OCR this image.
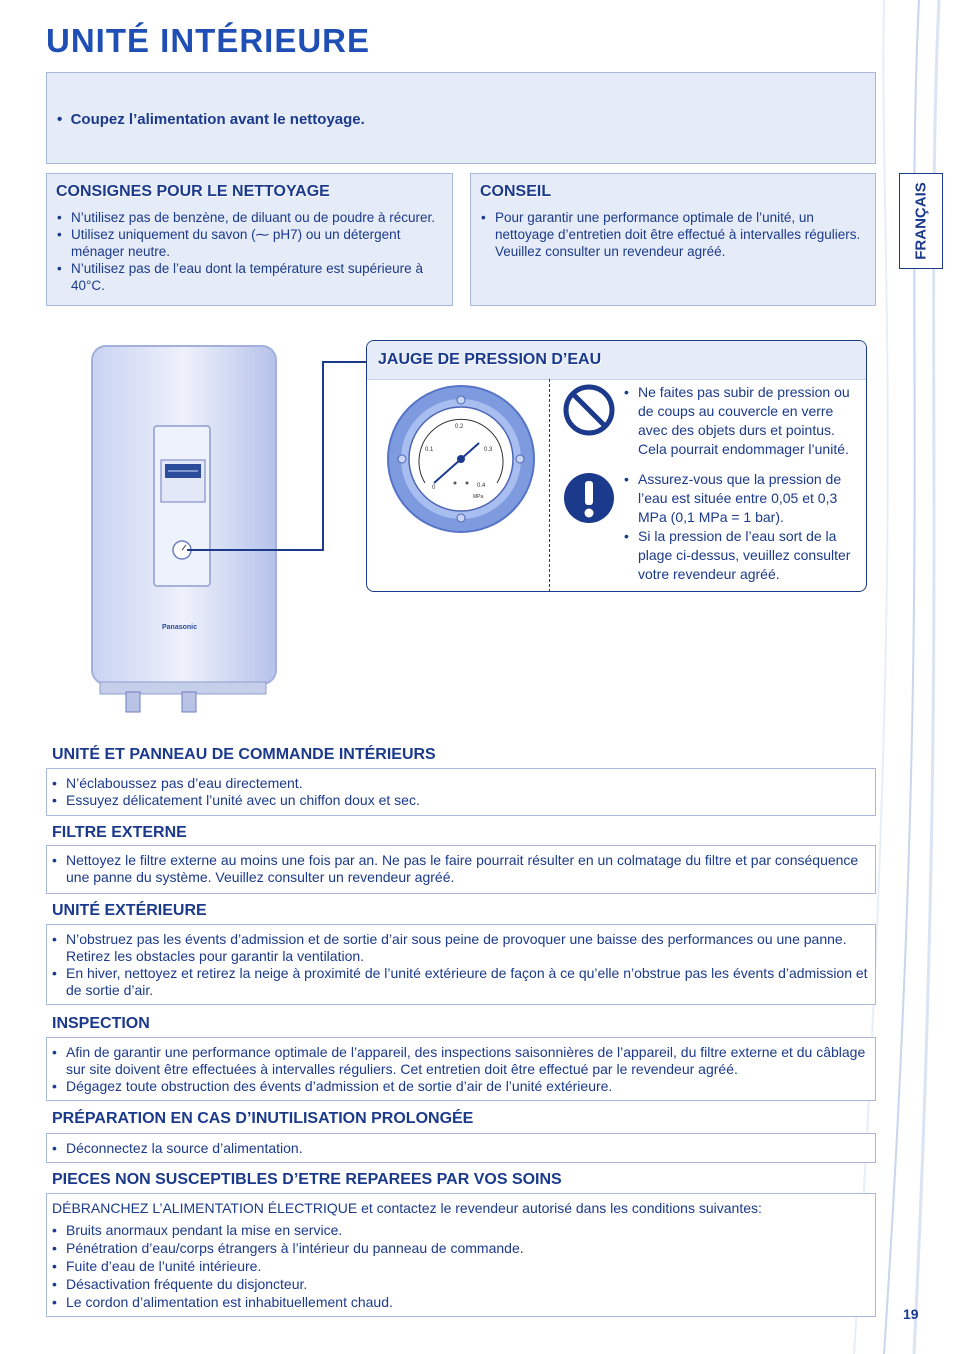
UNITÉ INTÉRIEURE
•  Coupez l’alimentation avant le nettoyage.
CONSIGNES POUR LE NETTOYAGE
• N’utilisez pas de benzène, de diluant ou de poudre à récurer.
• Utilisez uniquement du savon (⁓ pH7) ou un détergent ménager neutre.
• N’utilisez pas de l’eau dont la température est supérieure à 40°C.
CONSEIL
• Pour garantir une performance optimale de l’unité, un nettoyage d’entretien doit être effectué à intervalles réguliers. Veuillez consulter un revendeur agréé.	FRANÇAIS
Panasonic
JAUGE DE PRESSION D’EAU
0
0.1
0.2
0.3
0.4
MPa
• Ne faites pas subir de pression ou de coups au couvercle en verre avec des objets durs et pointus. Cela pourrait endommager l’unité.
• Assurez-vous que la pression de l’eau est située entre 0,05 et 0,3 MPa (0,1 MPa = 1 bar).
• Si la pression de l’eau sort de la plage ci-dessus, veuillez consulter votre revendeur agréé.
UNITÉ ET PANNEAU DE COMMANDE INTÉRIEURS
• N’éclaboussez pas d’eau directement.
• Essuyez délicatement l’unité avec un chiffon doux et sec.
FILTRE EXTERNE
• Nettoyez le filtre externe au moins une fois par an. Ne pas le faire pourrait résulter en un colmatage du filtre et par conséquence une panne du système. Veuillez consulter un revendeur agréé.
UNITÉ EXTÉRIEURE
• N’obstruez pas les évents d’admission et de sortie d’air sous peine de provoquer une baisse des performances ou une panne. Retirez les obstacles pour garantir la ventilation.
• En hiver, nettoyez et retirez la neige à proximité de l’unité extérieure de façon à ce qu’elle n’obstrue pas les évents d’admission et de sortie d’air.
INSPECTION
• Afin de garantir une performance optimale de l’appareil, des inspections saisonnières de l’appareil, du filtre externe et du câblage sur site doivent être effectuées à intervalles réguliers. Cet entretien doit être effectué par le revendeur agréé.
• Dégagez toute obstruction des évents d’admission et de sortie d’air de l’unité extérieure.
PRÉPARATION EN CAS D’INUTILISATION PROLONGÉE
• Déconnectez la source d’alimentation.
PIECES NON SUSCEPTIBLES D’ETRE REPAREES PAR VOS SOINS
DÉBRANCHEZ L’ALIMENTATION ÉLECTRIQUE et contactez le revendeur autorisé dans les conditions suivantes:
• Bruits anormaux pendant la mise en service.
• Pénétration d’eau/corps étrangers à l’intérieur du panneau de commande.
• Fuite d’eau de l’unité intérieure.
• Désactivation fréquente du disjoncteur.
• Le cordon d’alimentation est inhabituellement chaud.
19
